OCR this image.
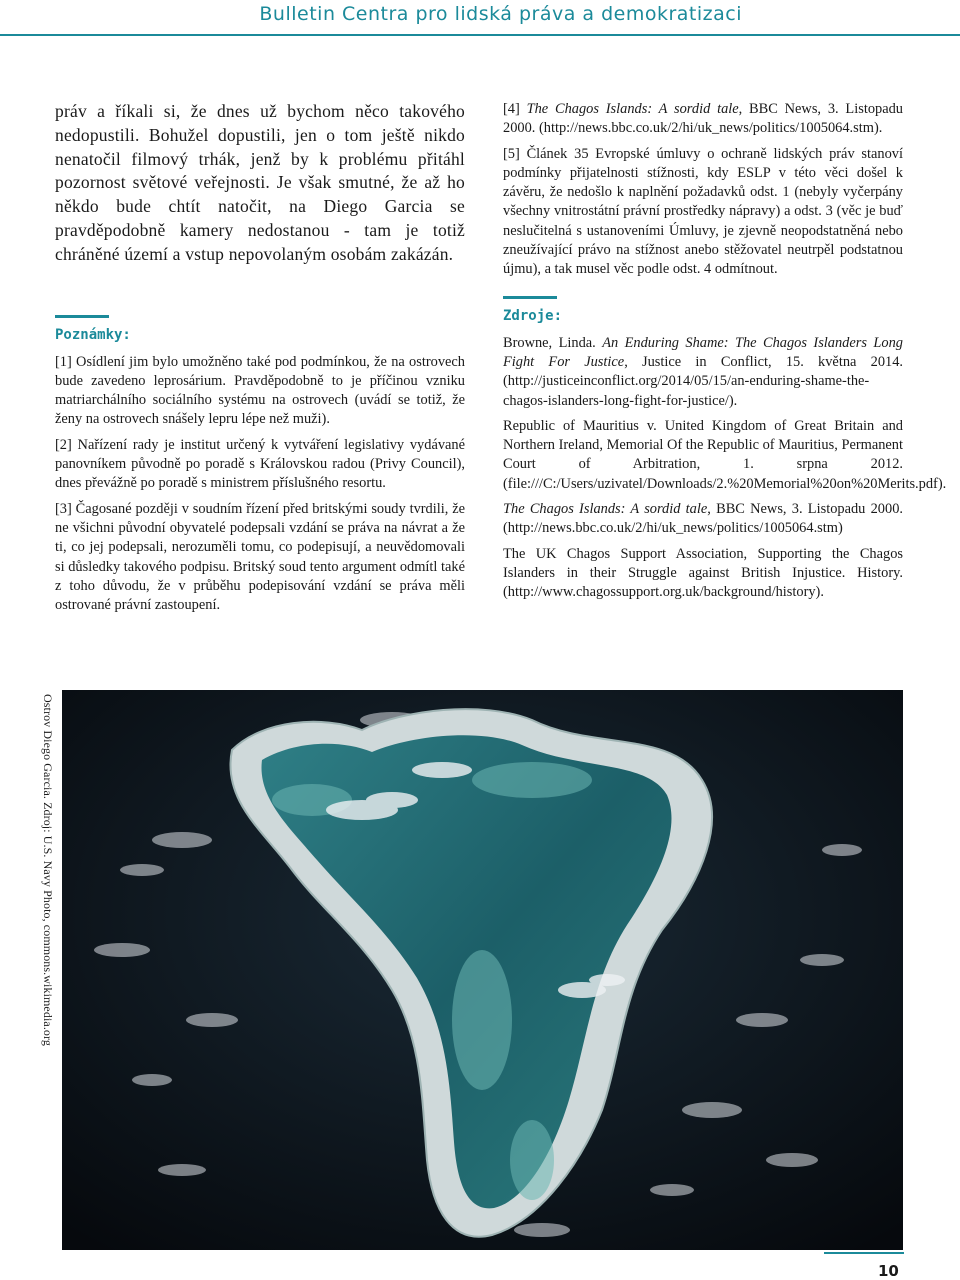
Bulletin Centra pro lidská práva a demokratizaci

práv a říkali si, že dnes už bychom něco takového nedopustili. Bohužel dopustili, jen o tom ještě nikdo nenatočil filmový trhák, jenž by k problému přitáhl pozornost světové veřejnosti. Je však smutné, že až ho někdo bude chtít natočit, na Diego Garcia se pravděpodobně kamery nedostanou - tam je totiž chráněné území a vstup nepovolaným osobám zakázán.

Poznámky:

[1] Osídlení jim bylo umožněno také pod podmínkou, že na ostrovech bude zavedeno leprosárium. Pravděpodobně to je příčinou vzniku matriarchálního sociálního systému na ostrovech (uvádí se totiž, že ženy na ostrovech snášely lepru lépe než muži).

[2] Nařízení rady je institut určený k vytváření legislativy vydávané panovníkem původně po poradě s Královskou radou (Privy Council), dnes převážně po poradě s ministrem příslušného resortu.

[3] Čagosané později v soudním řízení před britskými soudy tvrdili, že ne všichni původní obyvatelé podepsali vzdání se práva na návrat a že ti, co jej podepsali, nerozuměli tomu, co podepisují, a neuvědomovali si důsledky takového podpisu. Britský soud tento argument odmítl také z toho důvodu, že v průběhu podepisování vzdání se práva měli ostrované právní zastoupení.

[4] The Chagos Islands: A sordid tale, BBC News, 3. Listopadu 2000. (http://news.bbc.co.uk/2/hi/uk_news/politics/1005064.stm).

[5] Článek 35 Evropské úmluvy o ochraně lidských práv stanoví podmínky přijatelnosti stížnosti, kdy ESLP v této věci došel k závěru, že nedošlo k naplnění požadavků odst. 1 (nebyly vyčerpány všechny vnitrostátní právní prostředky nápravy) a odst. 3 (věc je buď neslučitelná s ustanoveními Úmluvy, je zjevně neopodstatněná nebo zneužívající právo na stížnost anebo stěžovatel neutrpěl podstatnou újmu), a tak musel věc podle odst. 4 odmítnout.

Zdroje:

Browne, Linda. An Enduring Shame: The Chagos Islanders Long Fight For Justice, Justice in Conflict, 15. května 2014. (http://justiceinconflict.org/2014/05/15/an-enduring-shame-the-chagos-islanders-long-fight-for-justice/).

Republic of Mauritius v. United Kingdom of Great Britain and Northern Ireland, Memorial Of the Republic of Mauritius, Permanent Court of Arbitration, 1. srpna 2012. (file:///C:/Users/uzivatel/Downloads/2.%20Memorial%20on%20Merits.pdf).

The Chagos Islands: A sordid tale, BBC News, 3. Listopadu 2000. (http://news.bbc.co.uk/2/hi/uk_news/politics/1005064.stm)

The UK Chagos Support Association, Supporting the Chagos Islanders in their Struggle against British Injustice. History. (http://www.chagossupport.org.uk/background/history).

Ostrov Diego Garcia. Zdroj: U.S. Navy Photo, commons.wikimedia.org
10
